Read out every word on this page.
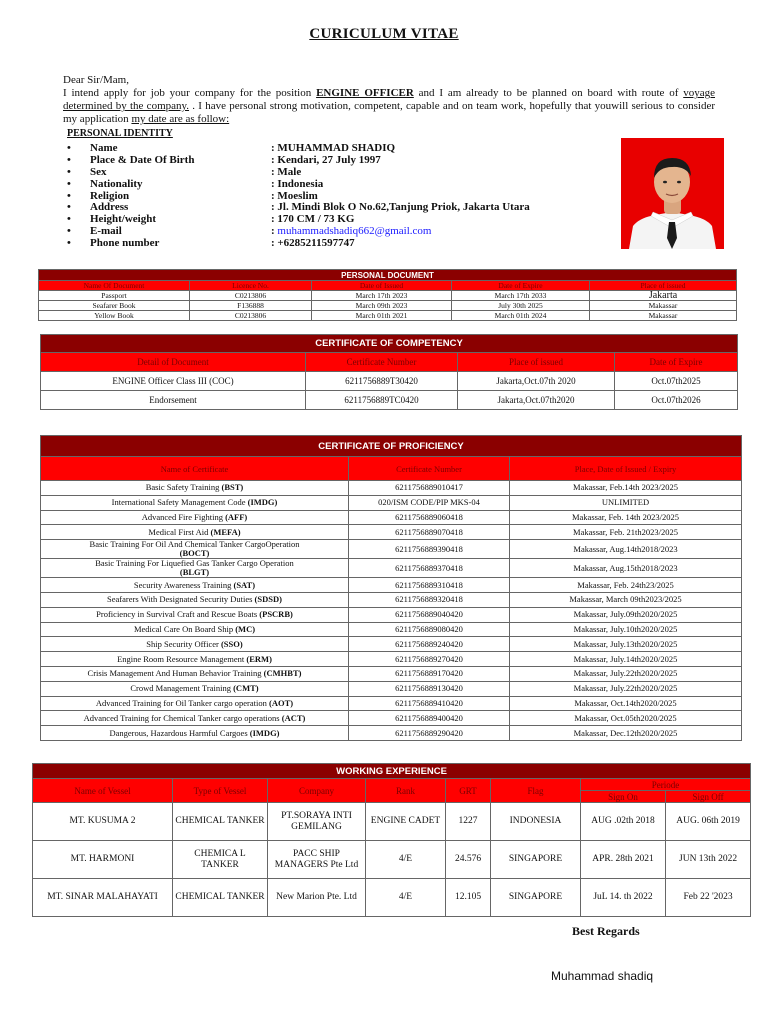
CURICULUM VITAE
Dear Sir/Mam,
I intend apply for job your company for the position ENGINE OFFICER and I am already to be planned on board with route of voyage determined by the company. . I have personal strong motivation, competent, capable and on team work, hopefully that youwill serious to consider my application my date are as follow:
PERSONAL IDENTITY
• Name	: MUHAMMAD SHADIQ
• Place & Date Of Birth	: Kendari, 27 July 1997
• Sex	: Male
• Nationality	: Indonesia
• Religion	: Moeslim
• Address	: Jl. Mindi Blok O No.62,Tanjung Priok, Jakarta Utara
• Height/weight	: 170 CM / 73 KG
• E-mail	: muhammadshadiq662@gmail.com
• Phone number	: +6285211597747
PERSONAL DOCUMENT				
Name Of Document	Licence No.	Date of Issued	Date of Expire	Place of issued
Passport	C0213806	March 17th 2023	March 17th 2033	Jakarta
Seafarer Book	F136888	March 09th 2023	July 30th 2025	Makassar
Yellow Book	C0213806	March 01th 2021	March 01th 2024	Makassar
CERTIFICATE OF COMPETENCY			
Detail of Document	Certificate Number	Place of issued	Date of Expire
ENGINE Officer Class III (COC)	6211756889T30420	Jakarta,Oct.07th 2020	Oct.07th2025
Endorsement	6211756889TC0420	Jakarta,Oct.07th2020	Oct.07th2026
CERTIFICATE OF PROFICIENCY		
Name of Certificate	Certificate Number	Place, Date of Issued / Expiry
Basic Safety Training (BST)	6211756889010417	Makassar, Feb.14th 2023/2025
International Safety Management Code (IMDG)	020/ISM CODE/PIP MKS-04	UNLIMITED
Advanced Fire Fighting (AFF)	6211756889060418	Makassar, Feb. 14th 2023/2025
Medical First Aid (MEFA)	6211756889070418	Makassar, Feb. 21th2023/2025
Basic Training For Oil And Chemical Tanker CargoOperation
(BOCT)	6211756889390418	Makassar, Aug.14th2018/2023
Basic Training For Liquefied Gas Tanker Cargo Operation
(BLGT)	6211756889370418	Makassar, Aug.15th2018/2023
Security Awareness Training (SAT)	6211756889310418	Makassar, Feb. 24th23/2025
Seafarers With Designated Security Duties (SDSD)	6211756889320418	Makassar, March 09th2023/2025
Proficiency in Survival Craft and Rescue Boats (PSCRB)	6211756889040420	Makassar, July.09th2020/2025
Medical Care On Board Ship (MC)	6211756889080420	Makassar, July.10th2020/2025
Ship Security Officer (SSO)	6211756889240420	Makassar, July.13th2020/2025
Engine Room Resource Management (ERM)	6211756889270420	Makassar, July.14th2020/2025
Crisis Management And Human Behavior Training (CMHBT)	6211756889170420	Makassar, July.22th2020/2025
Crowd Management Training (CMT)	6211756889130420	Makassar, July.22th2020/2025
Advanced Training for Oil Tanker cargo operation (AOT)	6211756889410420	Makassar, Oct.14th2020/2025
Advanced Training for Chemical Tanker cargo operations (ACT)	6211756889400420	Makassar, Oct.05th2020/2025
Dangerous, Hazardous Harmful Cargoes (IMDG)	6211756889290420	Makassar, Dec.12th2020/2025
WORKING EXPERIENCE							
Name of Vessel	Type of Vessel	Company	Rank	GRT	Flag	Periode	
						Sign On	Sign Off
MT. KUSUMA 2	CHEMICAL TANKER	PT.SORAYA INTI GEMILANG	ENGINE CADET	1227	INDONESIA	AUG .02th 2018	AUG. 06th 2019
MT. HARMONI	CHEMICA L TANKER	PACC SHIP MANAGERS Pte Ltd	4/E	24.576	SINGAPORE	APR. 28th 2021	JUN 13th 2022
MT. SINAR MALAHAYATI	CHEMICAL TANKER	New Marion Pte. Ltd	4/E	12.105	SINGAPORE	JuL 14. th 2022	Feb 22 '2023
Best Regards
Muhammad shadiq
